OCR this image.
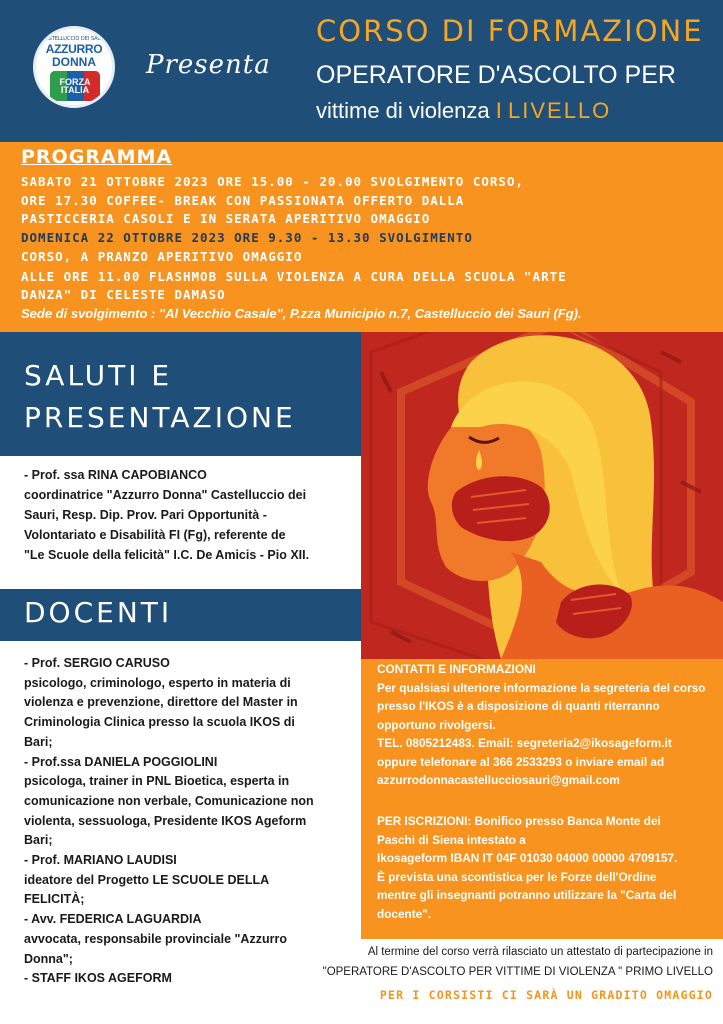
CASTELLUCCIO DEI SAURI
AZZURRO
DONNA
FORZA
ITALIA
Presenta
CORSO DI FORMAZIONE
OPERATORE D'ASCOLTO PER
vittime di violenza I LIVELLO
PROGRAMMA
SABATO 21 OTTOBRE 2023 ORE 15.00 - 20.00 SVOLGIMENTO CORSO,
ORE 17.30 COFFEE- BREAK CON PASSIONATA OFFERTO DALLA
PASTICCERIA CASOLI E IN SERATA APERITIVO OMAGGIO
DOMENICA 22 OTTOBRE 2023 ORE 9.30 - 13.30 SVOLGIMENTO
CORSO, A PRANZO APERITIVO OMAGGIO
ALLE ORE 11.00 FLASHMOB SULLA VIOLENZA A CURA DELLA SCUOLA "ARTE
DANZA" DI CELESTE DAMASO
Sede di svolgimento : "Al Vecchio Casale", P.zza Municipio n.7, Castelluccio dei Sauri (Fg).
SALUTI E
PRESENTAZIONE
- Prof. ssa RINA CAPOBIANCO
coordinatrice "Azzurro Donna" Castelluccio dei
Sauri, Resp. Dip. Prov. Pari Opportunità -
Volontariato e Disabilità FI (Fg), referente de
"Le Scuole della felicità" I.C. De Amicis - Pio XII.
DOCENTI
- Prof. SERGIO CARUSO
psicologo, criminologo, esperto in materia di
violenza e prevenzione, direttore del Master in
Criminologia Clinica presso la scuola IKOS di
Bari;
- Prof.ssa DANIELA POGGIOLINI
psicologa, trainer in PNL Bioetica, esperta in
comunicazione non verbale, Comunicazione non
violenta, sessuologa, Presidente IKOS Ageform
Bari;
- Prof. MARIANO LAUDISI
ideatore del Progetto LE SCUOLE DELLA
FELICITÀ;
- Avv. FEDERICA LAGUARDIA
avvocata, responsabile provinciale "Azzurro
Donna";
- STAFF IKOS AGEFORM
CONTATTI E INFORMAZIONI
Per qualsiasi ulteriore informazione la segreteria del corso
presso l'IKOS è a disposizione di quanti riterranno
opportuno rivolgersi.
TEL. 0805212483. Email: segreteria2@ikosageform.it
oppure telefonare al 366 2533293 o inviare email ad
azzurrodonnacastellucciosauri@gmail.com
PER ISCRIZIONI: Bonifico presso Banca Monte dei
Paschi di Siena intestato a
Ikosageform IBAN IT 04F 01030 04000 00000 4709157.
È prevista una scontistica per le Forze dell'Ordine
mentre gli insegnanti potranno utilizzare la "Carta del
docente".
Al termine del corso verrà rilasciato un attestato di partecipazione in
"OPERATORE D'ASCOLTO PER VITTIME DI VIOLENZA " PRIMO LIVELLO
PER I CORSISTI CI SARÀ UN GRADITO OMAGGIO
